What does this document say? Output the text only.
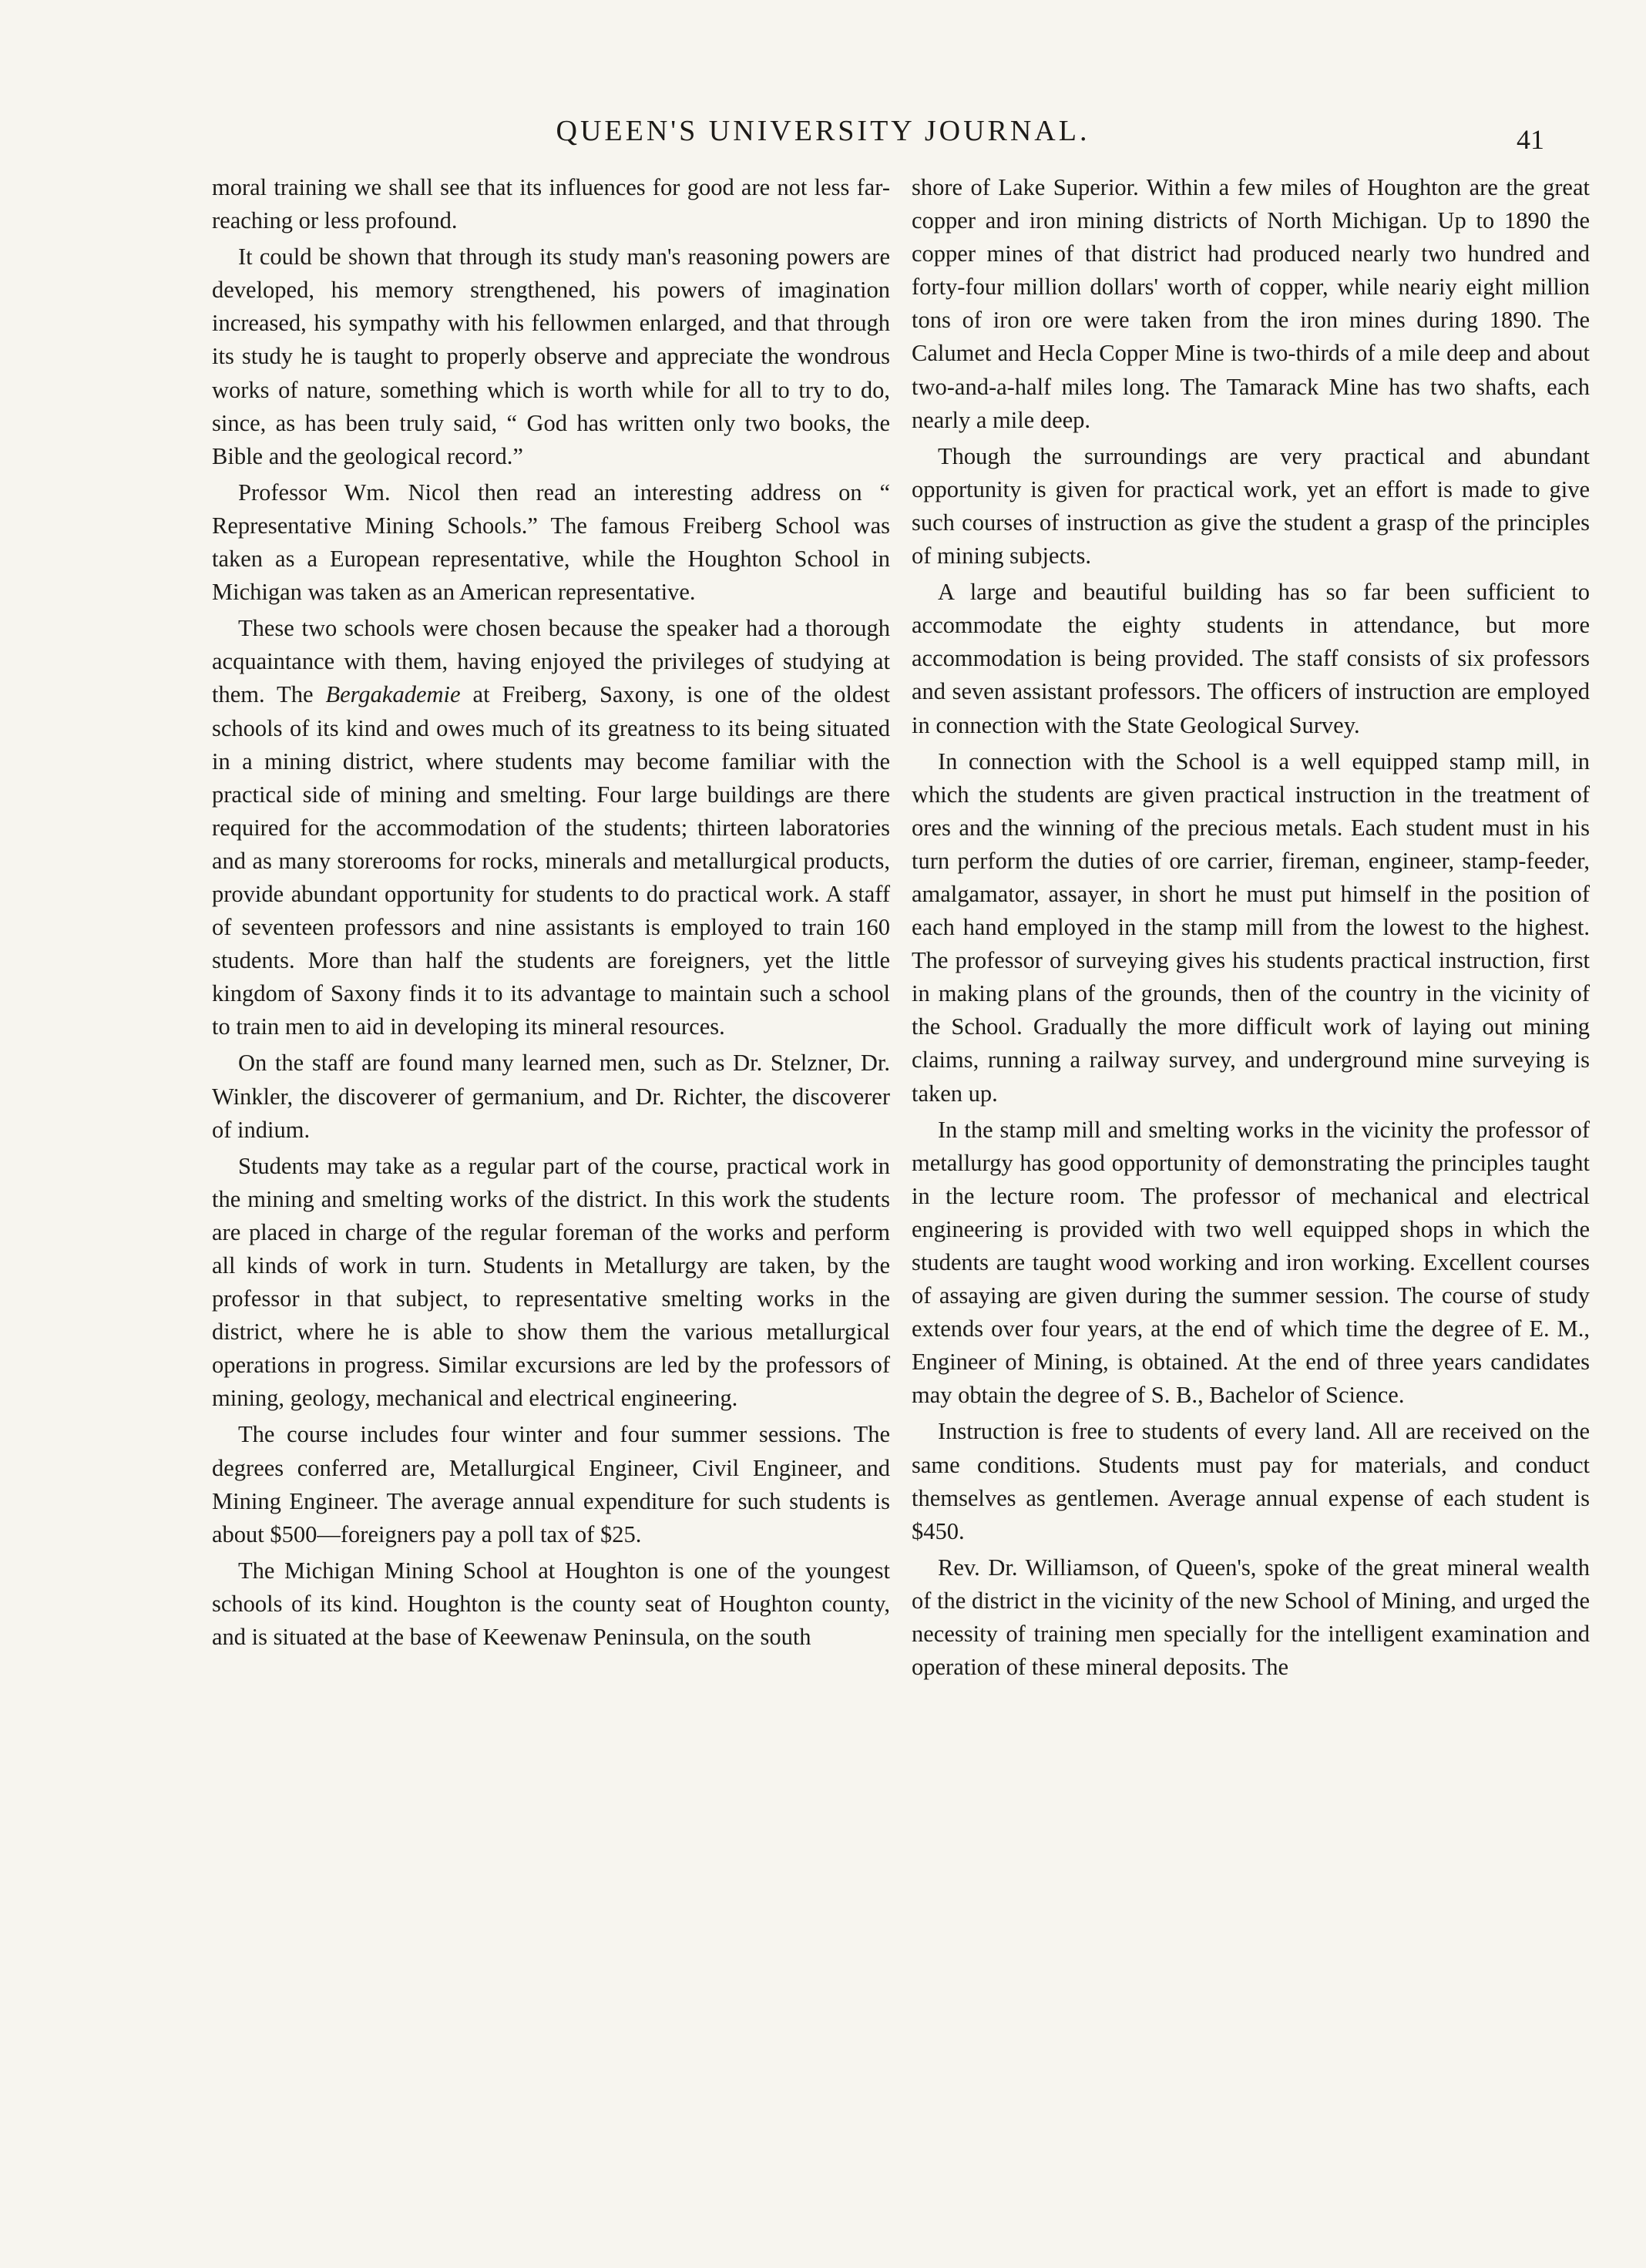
QUEEN'S UNIVERSITY JOURNAL.	41

moral training we shall see that its influences for good are not less far-reaching or less profound.

It could be shown that through its study man's reasoning powers are developed, his memory strengthened, his powers of imagination increased, his sympathy with his fellowmen enlarged, and that through its study he is taught to properly observe and appreciate the wondrous works of nature, something which is worth while for all to try to do, since, as has been truly said, “ God has written only two books, the Bible and the geological record.”

Professor Wm. Nicol then read an interesting address on “ Representative Mining Schools.” The famous Freiberg School was taken as a European representative, while the Houghton School in Michigan was taken as an American representative.

These two schools were chosen because the speaker had a thorough acquaintance with them, having enjoyed the privileges of studying at them. The Bergakademie at Freiberg, Saxony, is one of the oldest schools of its kind and owes much of its greatness to its being situated in a mining district, where students may become familiar with the practical side of mining and smelting. Four large buildings are there required for the accommodation of the students; thirteen laboratories and as many storerooms for rocks, minerals and metallurgical products, provide abundant opportunity for students to do practical work. A staff of seventeen professors and nine assistants is employed to train 160 students. More than half the students are foreigners, yet the little kingdom of Saxony finds it to its advantage to maintain such a school to train men to aid in developing its mineral resources.

On the staff are found many learned men, such as Dr. Stelzner, Dr. Winkler, the discoverer of germanium, and Dr. Richter, the discoverer of indium.

Students may take as a regular part of the course, practical work in the mining and smelting works of the district. In this work the students are placed in charge of the regular foreman of the works and perform all kinds of work in turn. Students in Metallurgy are taken, by the professor in that subject, to representative smelting works in the district, where he is able to show them the various metallurgical operations in progress. Similar excursions are led by the professors of mining, geology, mechanical and electrical engineering.

The course includes four winter and four summer sessions. The degrees conferred are, Metallurgical Engineer, Civil Engineer, and Mining Engineer. The average annual expenditure for such students is about $500—foreigners pay a poll tax of $25.

The Michigan Mining School at Houghton is one of the youngest schools of its kind. Houghton is the county seat of Houghton county, and is situated at the base of Keewenaw Peninsula, on the south

shore of Lake Superior. Within a few miles of Houghton are the great copper and iron mining districts of North Michigan. Up to 1890 the copper mines of that district had produced nearly two hundred and forty-four million dollars' worth of copper, while neariy eight million tons of iron ore were taken from the iron mines during 1890. The Calumet and Hecla Copper Mine is two-thirds of a mile deep and about two-and-a-half miles long. The Tamarack Mine has two shafts, each nearly a mile deep.

Though the surroundings are very practical and abundant opportunity is given for practical work, yet an effort is made to give such courses of instruction as give the student a grasp of the principles of mining subjects.

A large and beautiful building has so far been sufficient to accommodate the eighty students in attendance, but more accommodation is being provided. The staff consists of six professors and seven assistant professors. The officers of instruction are employed in connection with the State Geological Survey.

In connection with the School is a well equipped stamp mill, in which the students are given practical instruction in the treatment of ores and the winning of the precious metals. Each student must in his turn perform the duties of ore carrier, fireman, engineer, stamp-feeder, amalgamator, assayer, in short he must put himself in the position of each hand employed in the stamp mill from the lowest to the highest. The professor of surveying gives his students practical instruction, first in making plans of the grounds, then of the country in the vicinity of the School. Gradually the more difficult work of laying out mining claims, running a railway survey, and underground mine surveying is taken up.

In the stamp mill and smelting works in the vicinity the professor of metallurgy has good opportunity of demonstrating the principles taught in the lecture room. The professor of mechanical and electrical engineering is provided with two well equipped shops in which the students are taught wood working and iron working. Excellent courses of assaying are given during the summer session. The course of study extends over four years, at the end of which time the degree of E. M., Engineer of Mining, is obtained. At the end of three years candidates may obtain the degree of S. B., Bachelor of Science.

Instruction is free to students of every land. All are received on the same conditions. Students must pay for materials, and conduct themselves as gentlemen. Average annual expense of each student is $450.

Rev. Dr. Williamson, of Queen's, spoke of the great mineral wealth of the district in the vicinity of the new School of Mining, and urged the necessity of training men specially for the intelligent examination and operation of these mineral deposits. The
